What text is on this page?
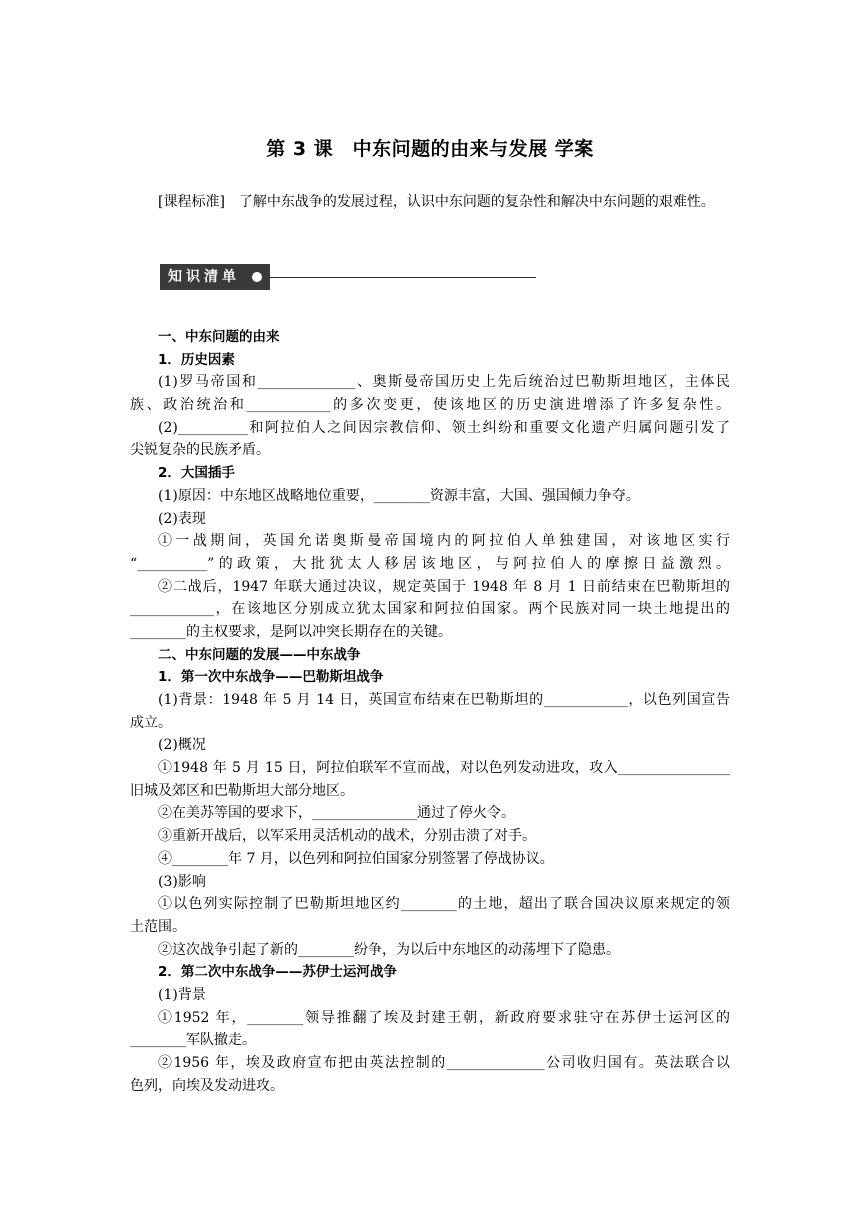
第 3 课　中东问题的由来与发展 学案
[课程标准]　了解中东战争的发展过程，认识中东问题的复杂性和解决中东问题的艰难性。
知识清单
一、中东问题的由来
1．历史因素
(1)罗马帝国和______________、奥斯曼帝国历史上先后统治过巴勒斯坦地区，主体民
族、政治统治和____________的多次变更，使该地区的历史演进增添了许多复杂性。
(2)__________和阿拉伯人之间因宗教信仰、领土纠纷和重要文化遗产归属问题引发了
尖锐复杂的民族矛盾。
2．大国插手
(1)原因：中东地区战略地位重要，________资源丰富，大国、强国倾力争夺。
(2)表现
①一战期间，英国允诺奥斯曼帝国境内的阿拉伯人单独建国，对该地区实行
“__________”的政策，大批犹太人移居该地区，与阿拉伯人的摩擦日益激烈。
②二战后，1947 年联大通过决议，规定英国于 1948 年 8 月 1 日前结束在巴勒斯坦的
____________，在该地区分别成立犹太国家和阿拉伯国家。两个民族对同一块土地提出的
________的主权要求，是阿以冲突长期存在的关键。
二、中东问题的发展——中东战争
1．第一次中东战争——巴勒斯坦战争
(1)背景：1948 年 5 月 14 日，英国宣布结束在巴勒斯坦的____________，以色列国宣告
成立。
(2)概况
①1948 年 5 月 15 日，阿拉伯联军不宣而战，对以色列发动进攻，攻入________________
旧城及郊区和巴勒斯坦大部分地区。
②在美苏等国的要求下，_______________通过了停火令。
③重新开战后，以军采用灵活机动的战术，分别击溃了对手。
④________年 7 月，以色列和阿拉伯国家分别签署了停战协议。
(3)影响
①以色列实际控制了巴勒斯坦地区约________的土地，超出了联合国决议原来规定的领
土范围。
②这次战争引起了新的________纷争，为以后中东地区的动荡埋下了隐患。
2．第二次中东战争——苏伊士运河战争
(1)背景
①1952 年，________领导推翻了埃及封建王朝，新政府要求驻守在苏伊士运河区的
________军队撤走。
②1956 年，埃及政府宣布把由英法控制的______________公司收归国有。英法联合以
色列，向埃及发动进攻。
